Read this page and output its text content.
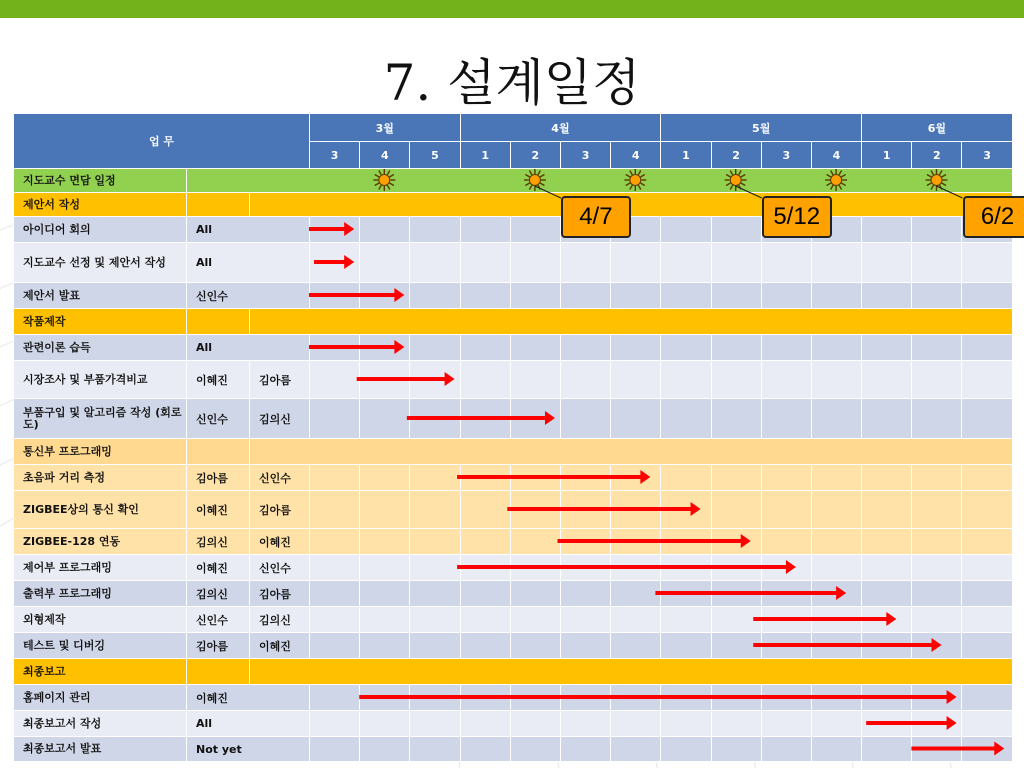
7. 설계일정
업 무			3월			4월				5월				6월		
			3	4	5	1	2	3	4	1	2	3	4	1	2	3
지도교수 면담 일정																
제안서 작성																
아이디어 회의	All															
지도교수 선정 및 제안서 작성	All															
제안서 발표	신인수															
작품제작																
관련이론 습득	All															
시장조사 및 부품가격비교	이혜진	김아름														
부품구입 및 알고리즘 작성 (회로도)	신인수	김의신														
통신부 프로그래밍																
초음파 거리 측정	김아름	신인수														
ZIGBEE상의 통신 확인	이혜진	김아름														
ZIGBEE-128 연동	김의신	이혜진														
제어부 프로그래밍	이혜진	신인수														
출력부 프로그래밍	김의신	김아름														
외형제작	신인수	김의신														
테스트 및 디버깅	김아름	이혜진														
최종보고																
홈페이지 관리	이혜진															
최종보고서 작성	All															
최종보고서 발표	Not yet															
4/7	5/12	6/2
